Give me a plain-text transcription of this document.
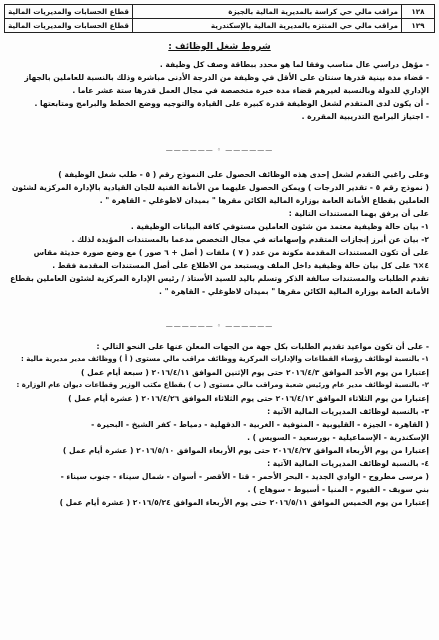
١٢٨	مراقب مالي حي كراسة بالمديرية المالية بالجيزة	قطاع الحسابات والمديريات المالية
١٢٩	مراقب مالي حي المنتزه بالمديرية المالية بالإسكندرية	قطاع الحسابات والمديريات المالية
شروط شغل الوظائف :
- مؤهل دراسي عال مناسب وفقا لما هو محدد ببطاقة وصف كل وظيفة .
- قضاء مدة بينية قدرها سنتان على الأقل في وظيفة من الدرجة الأدنى مباشرة وذلك بالنسبة للعاملين بالجهاز
الإداري للدولة وبالنسبة لغيرهم قضاء مدة خبرة متخصصة في مجال العمل قدرها ستة عشر عاما .
- أن يكون لدى المتقدم لشغل الوظيفة قدرة كبيرة على القيادة والتوجيه ووضع الخطط والبرامج ومتابعتها .
- اجتياز البرامج التدريبية المقررة .
—————— ◦ ——————
وعلى راغبي التقدم لشغل إحدى هذه الوظائف الحصول على النموذج رقم ( ٥ - طلب شغل الوظيفة )
( نموذج رقم ٥ - تقدير الدرجات ) ويمكن الحصول عليهما من الأمانة الفنية للجان القيادية بالإدارة المركزية لشئون
العاملين بقطاع الأمانة العامة بوزارة المالية الكائن مقرها " بميدان لاظوغلي - القاهرة " .
على أن يرفق بهما المستندات التالية :
١- بيان حالة وظيفية معتمد من شئون العاملين مستوفي كافة البيانات الوظيفية .
٢- بيان عن أبرز إنجازات المتقدم وإسهاماته في مجال التخصص مدعما بالمستندات المؤيدة لذلك .
على أن تكون المستندات المقدمة مكونة من عدد ( ٧ ) ملفات ( أصل + ٦ صور ) مع وضع صورة حديثة مقاس
٤×٦ على كل بيان حالة وظيفية داخل الملف ويستبعد من الاطلاع على أصل المستندات المقدمة فقط .
تقدم الطلبات والمستندات سالفة الذكر وتسلم باليد للسيد الأستاذ / رئيس الإدارة المركزية لشئون العاملين بقطاع
الأمانة العامة بوزارة المالية الكائن مقرها " بميدان لاظوغلي - القاهرة " .
—————— ◦ ——————
- على أن تكون مواعيد تقديم الطلبات بكل جهة من الجهات المعلن عنها على النحو التالي :
١- بالنسبة لوظائف رؤساء القطاعات والإدارات المركزية ووظائف مراقب مالي مستوى ( أ ) ووظائف مدير مديرية مالية :
إعتبارا من يوم الأحد الموافق ٢٠١٦/٤/٣ حتى يوم الإثنين الموافق ٢٠١٦/٤/١١ ( سبعة أيام عمل )
٢- بالنسبة لوظائف مدير عام ورئيس شعبة ومراقب مالي مستوى ( ب ) بقطاع مكتب الوزير وقطاعات ديوان عام الوزارة :
إعتبارا من يوم الثلاثاء الموافق ٢٠١٦/٤/١٢ حتى يوم الثلاثاء الموافق ٢٠١٦/٤/٢٦ ( عشرة أيام عمل )
٣- بالنسبة لوظائف المديريات المالية الآتية :
( القاهرة - الجيزة - القليوبية - المنوفية - الغربية - الدقهلية - دمياط - كفر الشيخ - البحيرة -
الإسكندرية - الإسماعيلية - بورسعيد - السويس ) .
إعتبارا من يوم الأربعاء الموافق ٢٠١٦/٤/٢٧ حتى يوم الأربعاء الموافق ٢٠١٦/٥/١٠ ( عشرة أيام عمل )
٤- بالنسبة لوظائف المديريات المالية الآتية :
( مرسى مطروح - الوادي الجديد - البحر الأحمر - قنا - الأقصر - أسوان - شمال سيناء - جنوب سيناء -
بني سويف - الفيوم - المنيا - أسيوط - سوهاج ) .
إعتبارا من يوم الخميس الموافق ٢٠١٦/٥/١١ حتى يوم الأربعاء الموافق ٢٠١٦/٥/٢٤ ( عشرة أيام عمل )
